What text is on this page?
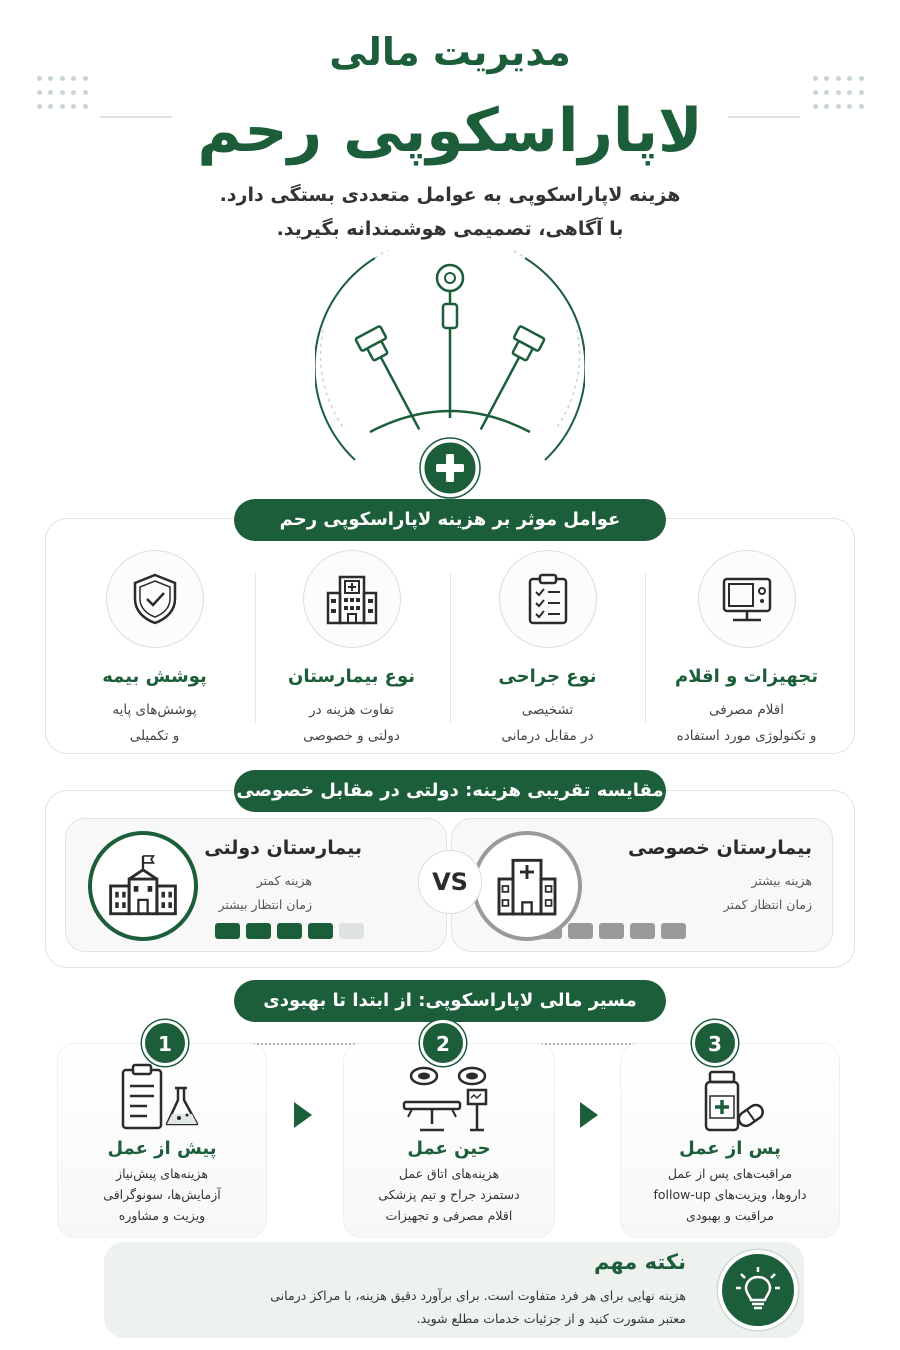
مدیریت مالی
لاپاراسکوپی رحم
هزینه لاپاراسکوپی به عوامل متعددی بستگی دارد.
با آگاهی، تصمیمی هوشمندانه بگیرید.
عوامل موثر بر هزینه لاپاراسکوپی رحم
تجهیزات و اقلام
اقلام مصرفی
و تکنولوژی مورد استفاده
نوع جراحی
تشخیصی
در مقابل درمانی
نوع بیمارستان
تفاوت هزینه در
دولتی و خصوصی
پوشش بیمه
پوشش‌های پایه
و تکمیلی
مقایسه تقریبی هزینه: دولتی در مقابل خصوصی
بیمارستان خصوصی
هزینه بیشتر
زمان انتظار کمتر
بیمارستان دولتی
هزینه کمتر
زمان انتظار بیشتر
VS
مسیر مالی لاپاراسکوپی: از ابتدا تا بهبودی
3
2
1
پس از عمل
مراقبت‌های پس از عمل
داروها، ویزیت‌های follow-up
مراقبت و بهبودی
حین عمل
هزینه‌های اتاق عمل
دستمزد جراح و تیم پزشکی
اقلام مصرفی و تجهیزات
پیش از عمل
هزینه‌های پیش‌نیاز
آزمایش‌ها، سونوگرافی
ویزیت و مشاوره
نکته مهم
هزینه نهایی برای هر فرد متفاوت است. برای برآورد دقیق هزینه، با مراکز درمانی
معتبر مشورت کنید و از جزئیات خدمات مطلع شوید.
